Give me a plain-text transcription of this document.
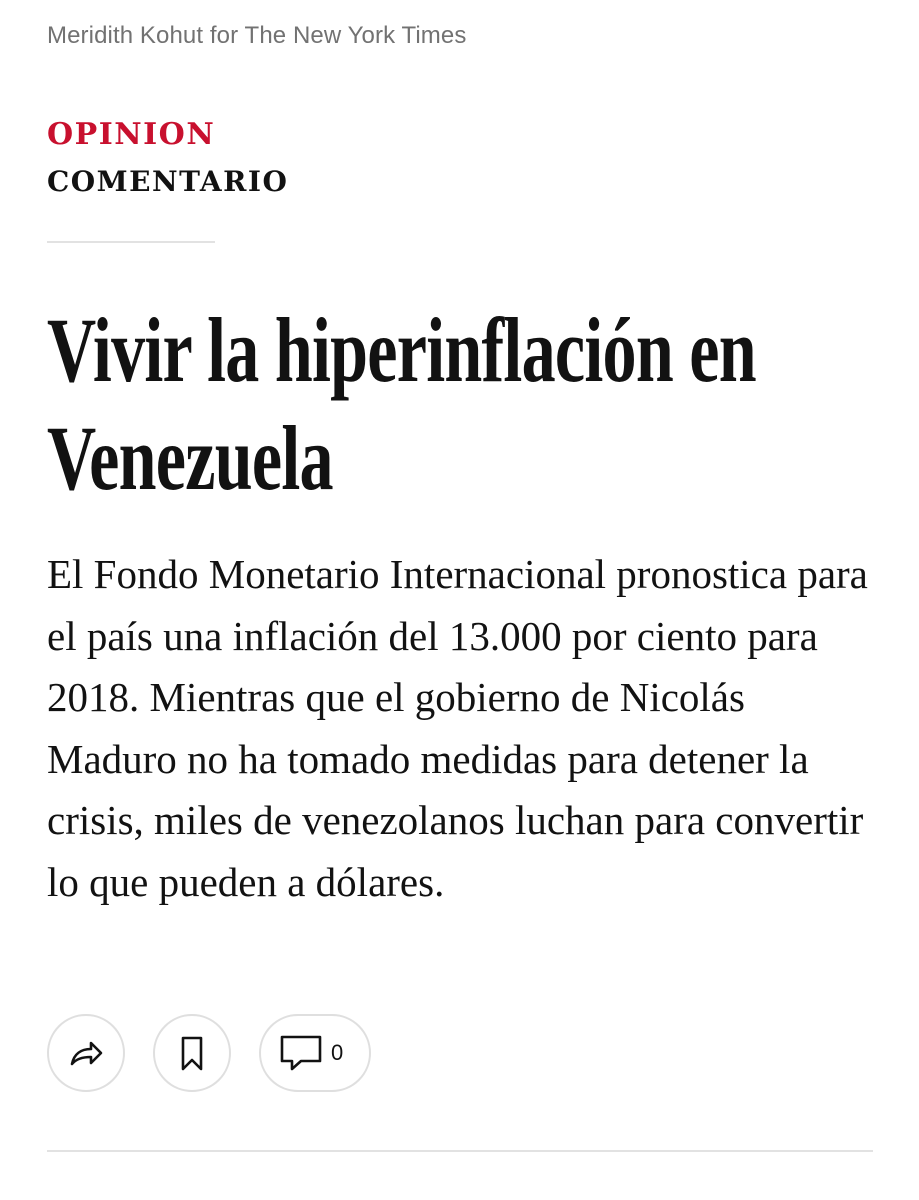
Meridith Kohut for The New York Times
OPINION
COMENTARIO
Vivir la hiperinflación en Venezuela

El Fondo Monetario Internacional pronostica para el país una inflación del 13.000 por ciento para 2018. Mientras que el gobierno de Nicolás Maduro no ha tomado medidas para detener la crisis, miles de venezolanos luchan para convertir lo que pueden a dólares.

0
